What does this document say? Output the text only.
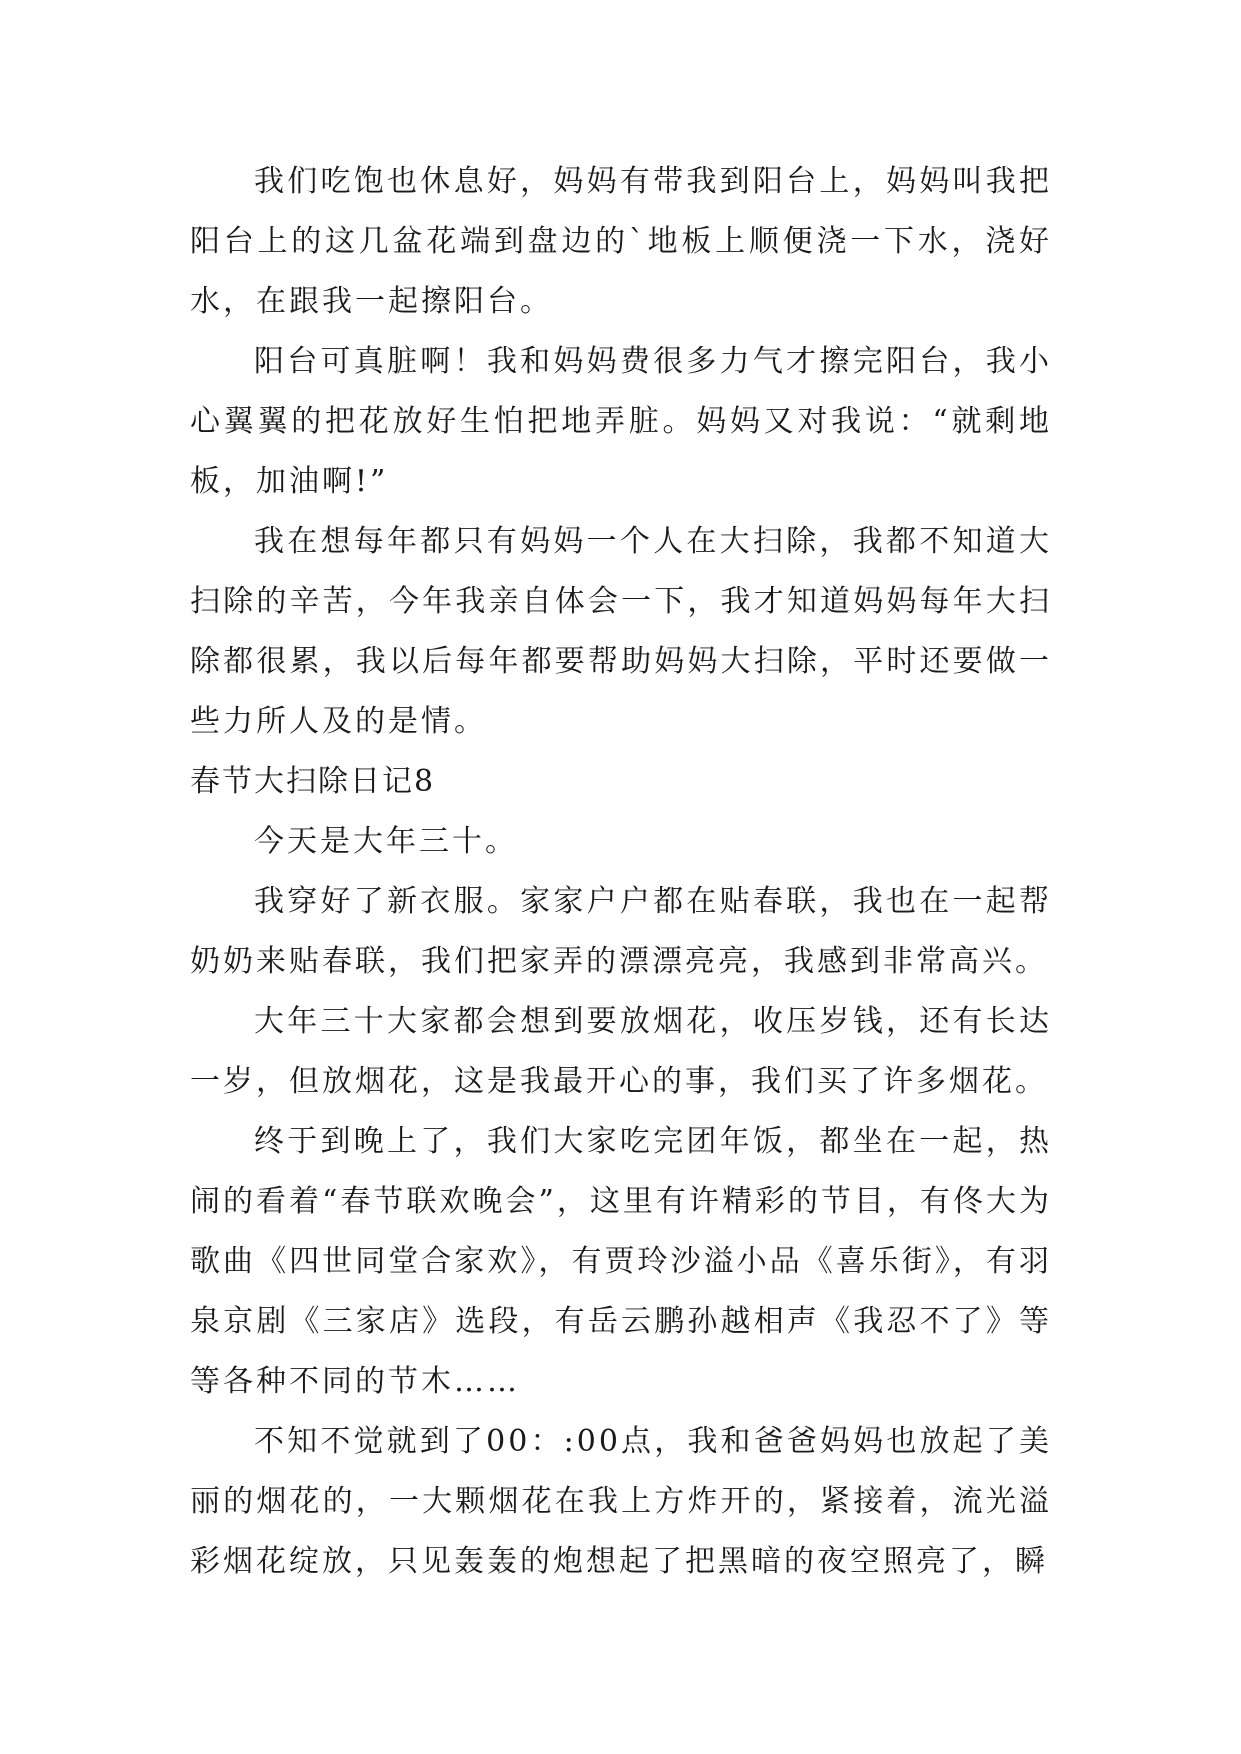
我们吃饱也休息好，妈妈有带我到阳台上，妈妈叫我把阳台上的这几盆花端到盘边的`地板上顺便浇一下水，浇好水，在跟我一起擦阳台。

阳台可真脏啊！我和妈妈费很多力气才擦完阳台，我小心翼翼的把花放好生怕把地弄脏。妈妈又对我说：“就剩地板，加油啊!”

我在想每年都只有妈妈一个人在大扫除，我都不知道大扫除的辛苦，今年我亲自体会一下，我才知道妈妈每年大扫除都很累，我以后每年都要帮助妈妈大扫除，平时还要做一些力所人及的是情。

春节大扫除日记8

今天是大年三十。

我穿好了新衣服。家家户户都在贴春联，我也在一起帮奶奶来贴春联，我们把家弄的漂漂亮亮，我感到非常高兴。

大年三十大家都会想到要放烟花，收压岁钱，还有长达一岁，但放烟花，这是我最开心的事，我们买了许多烟花。

终于到晚上了，我们大家吃完团年饭，都坐在一起，热闹的看着“春节联欢晚会”，这里有许精彩的节目，有佟大为歌曲《四世同堂合家欢》，有贾玲沙溢小品《喜乐街》，有羽泉京剧《三家店》选段，有岳云鹏孙越相声《我忍不了》等等各种不同的节木……

不知不觉就到了00：:00点，我和爸爸妈妈也放起了美丽的烟花的，一大颗烟花在我上方炸开的，紧接着，流光溢彩烟花绽放，只见轰轰的炮想起了把黑暗的夜空照亮了，瞬
